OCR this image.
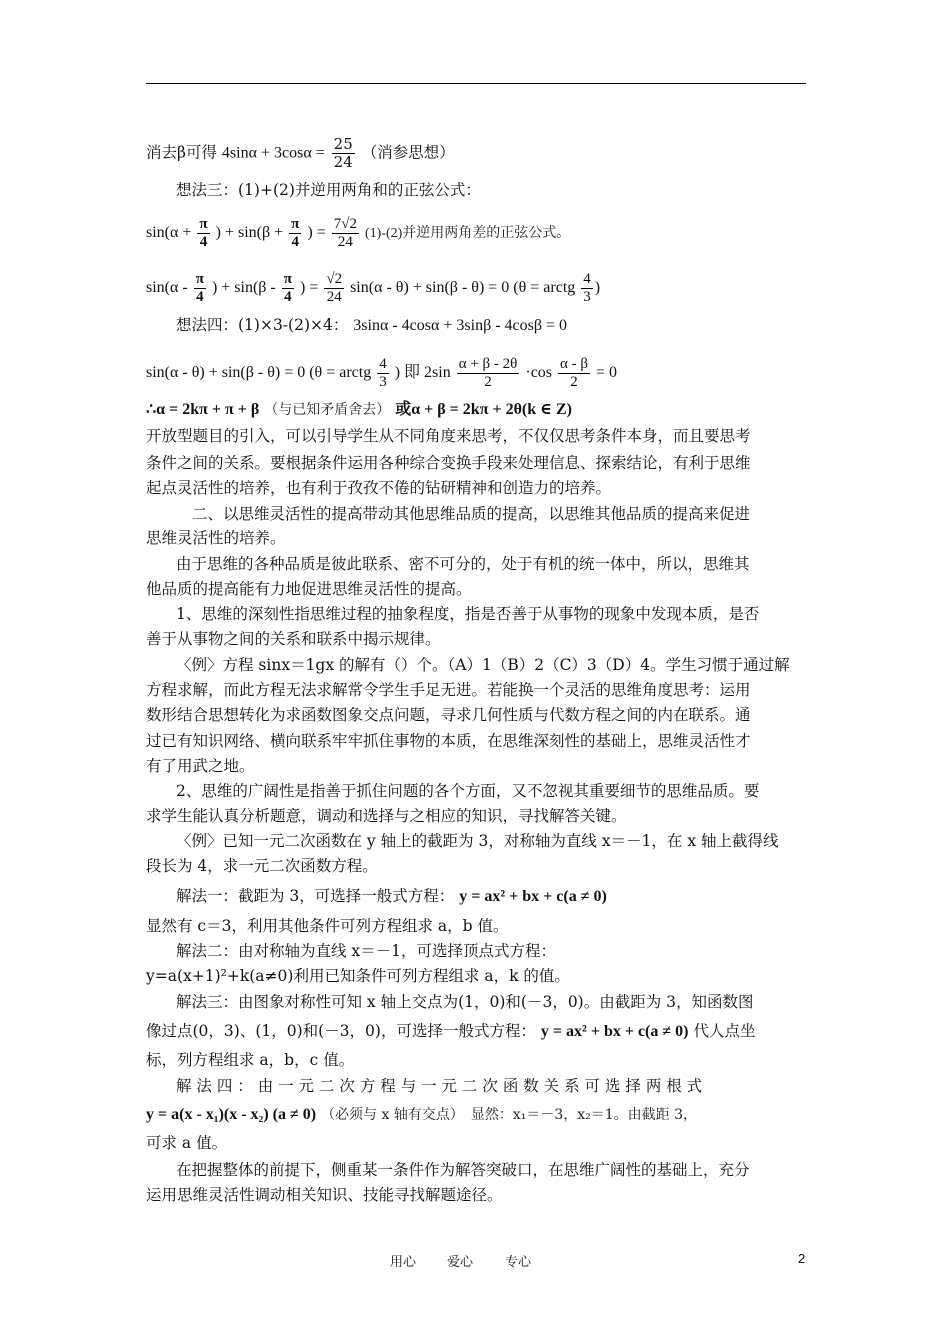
消去β可得 $4\sin\alpha + 3\cos\alpha = \frac{25}{24}$ （消参思想）
想法三：(1)+(2)并逆用两角和的正弦公式：
$\sin(\alpha + \frac{\pi}{4}$ ) + $\sin(\beta + \frac{\pi}{4}$ ) = $\frac{7√2}{24} (1)-(2)$并逆用两角差的正弦公式。
$\sin(\alpha - \frac{\pi}{4}$ ) + $\sin(\beta - \frac{\pi}{4}$ ) = $\frac{√2}{24} \sin(\alpha - \theta) + \sin(\beta - \theta) = 0$ (θ = arctg $\frac{4}{3}$ )
想法四：(1)×3-(2)×4： 3sinα - 4cosα + 3sinβ - 4cosβ = 0
sin(α - θ) + sin(β - θ) = 0 (θ = arctg $\frac{4}{3}$ ) 即 $2\sin \frac{\alpha + \beta - 2\theta}{2} \cdot\cos \frac{\alpha - \beta}{2} = 0$
∴α = 2kπ + π + β （与已知矛盾舍去） 或α + β = 2kπ + 2θ(k ∈ Z)
开放型题目的引入，可以引导学生从不同角度来思考，不仅仅思考条件本身，而且要思考
条件之间的关系。要根据条件运用各种综合变换手段来处理信息、探索结论，有利于思维
起点灵活性的培养，也有利于孜孜不倦的钻研精神和创造力的培养。
二、以思维灵活性的提高带动其他思维品质的提高，以思维其他品质的提高来促进
思维灵活性的培养。
由于思维的各种品质是彼此联系、密不可分的，处于有机的统一体中，所以，思维其
他品质的提高能有力地促进思维灵活性的提高。
1、思维的深刻性指思维过程的抽象程度，指是否善于从事物的现象中发现本质，是否
善于从事物之间的关系和联系中揭示规律。
〈例〉方程 sinx＝1gx 的解有（）个。（A）1（B）2（C）3（D）4。学生习惯于通过解
方程求解，而此方程无法求解常令学生手足无进。若能换一个灵活的思维角度思考：运用
数形结合思想转化为求函数图象交点问题，寻求几何性质与代数方程之间的内在联系。通
过已有知识网络、横向联系牢牢抓住事物的本质，在思维深刻性的基础上，思维灵活性才
有了用武之地。
2、思维的广阔性是指善于抓住问题的各个方面，又不忽视其重要细节的思维品质。要
求学生能认真分析题意，调动和选择与之相应的知识，寻找解答关键。
〈例〉已知一元二次函数在 y 轴上的截距为 3，对称轴为直线 x＝－1，在 x 轴上截得线
段长为 4，求一元二次函数方程。
解法一：截距为 3，可选择一般式方程： y = ax² + bx + c(a ≠ 0)
显然有 c＝3，利用其他条件可列方程组求 a，b 值。
解法二：由对称轴为直线 x＝－1，可选择顶点式方程：
y=a(x+1)²+k(a≠0)利用已知条件可列方程组求 a，k 的值。
解法三：由图象对称性可知 x 轴上交点为(1，0)和(－3，0)。由截距为 3，知函数图
像过点(0，3)、(1，0)和(－3，0)，可选择一般式方程： y = ax² + bx + c(a ≠ 0) 代人点坐
标，列方程组求 a，b，c 值。
解 法 四 ： 由 一 元 二 次 方 程 与 一 元 二 次 函 数 关 系 可 选 择 两 根 式
y = a(x - x₁)(x - x₂) (a ≠ 0) （必须与 x 轴有交点）　显然：x₁＝－3，x₂＝1。由截距 3，
可求 a 值。
在把握整体的前提下，侧重某一条件作为解答突破口，在思维广阔性的基础上，充分
运用思维灵活性调动相关知识、技能寻找解题途径。
用心 爱心 专心	2
